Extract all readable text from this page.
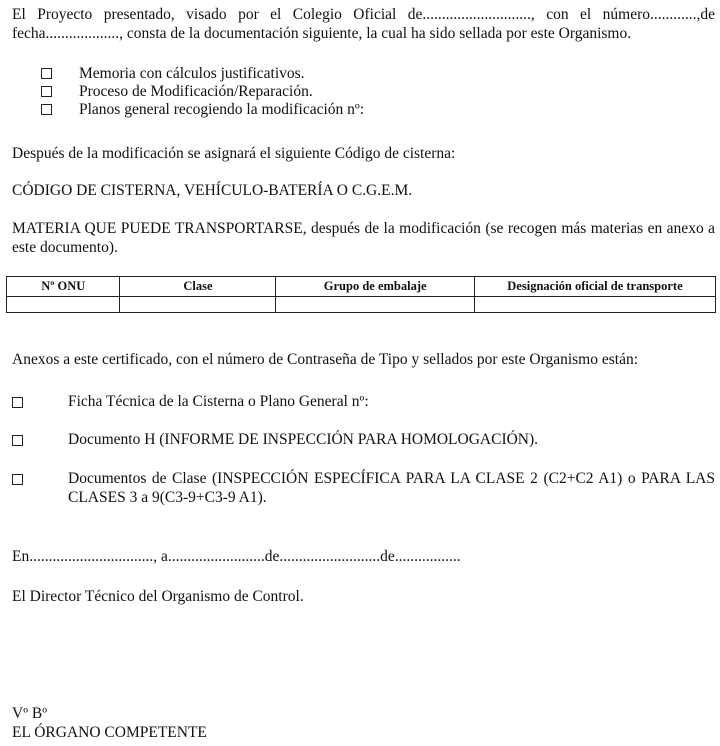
El Proyecto presentado, visado por el Colegio Oficial de............................, con el número............,de fecha..................., consta de la documentación siguiente, la cual ha sido sellada por este Organismo.

Memoria con cálculos justificativos.
Proceso de Modificación/Reparación.
Planos general recogiendo la modificación nº:

Después de la modificación se asignará el siguiente Código de cisterna:

CÓDIGO DE CISTERNA, VEHÍCULO-BATERÍA O C.G.E.M.

MATERIA QUE PUEDE TRANSPORTARSE, después de la modificación (se recogen más materias en anexo a este documento).

Nº ONU	Clase	Grupo de embalaje	Designación oficial de transporte

Anexos a este certificado, con el número de Contraseña de Tipo y sellados por este Organismo están:

Ficha Técnica de la Cisterna o Plano General nº:
Documento H (INFORME DE INSPECCIÓN PARA HOMOLOGACIÓN).
Documentos de Clase (INSPECCIÓN ESPECÍFICA PARA LA CLASE 2 (C2+C2 A1) o PARA LAS CLASES 3 a 9(C3-9+C3-9 A1).

En................................, a.........................de..........................de.................

El Director Técnico del Organismo de Control.

Vº Bº

EL ÓRGANO COMPETENTE
